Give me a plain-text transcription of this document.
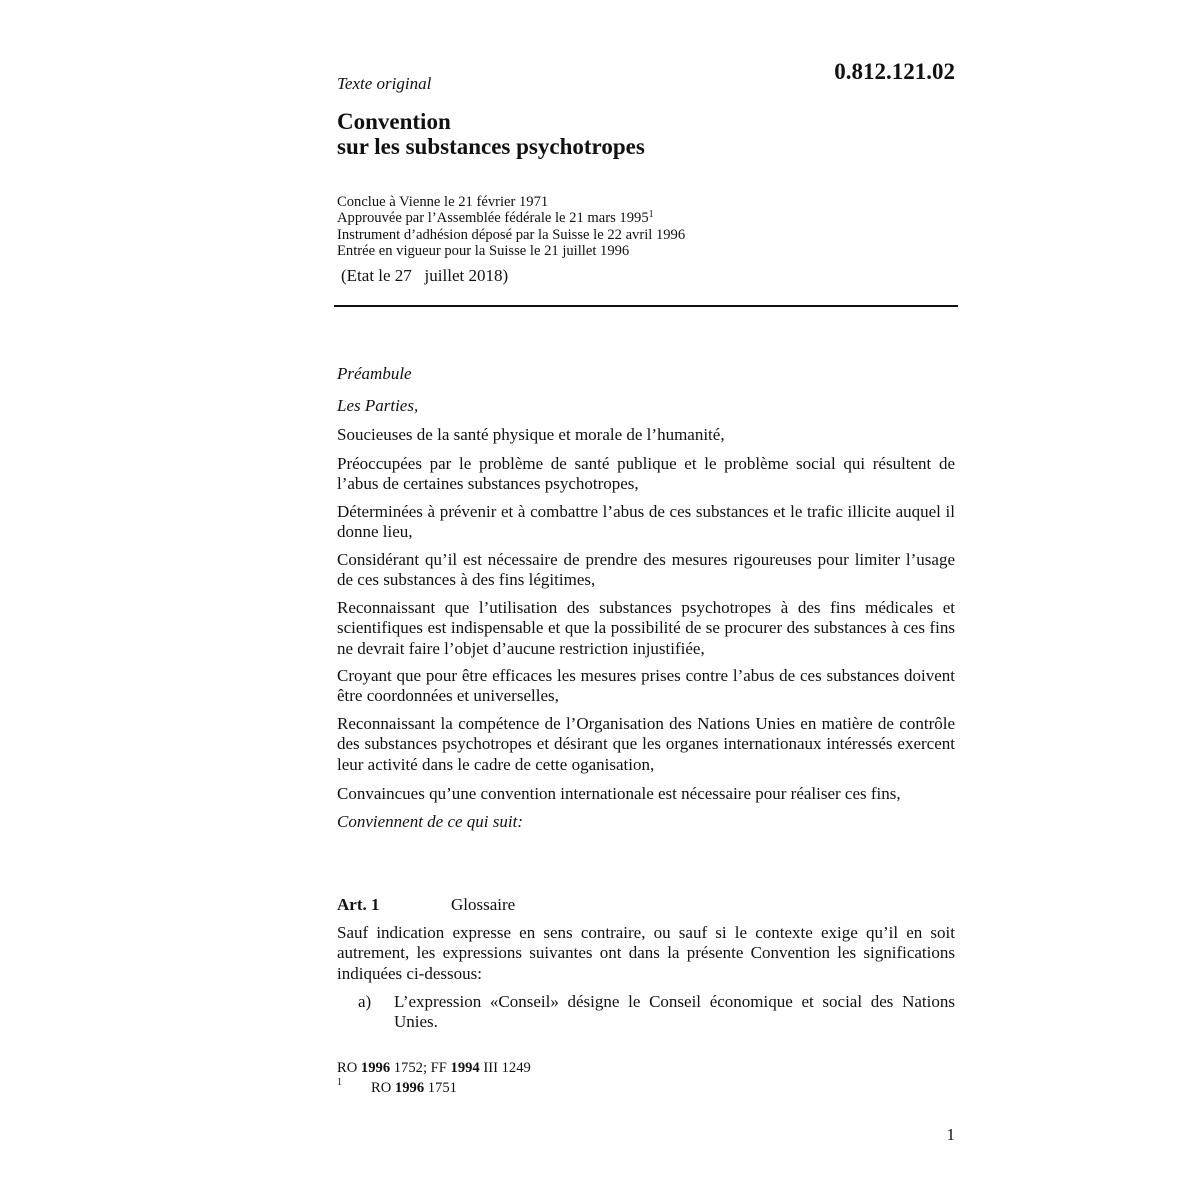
0.812.121.02
Texte original
Convention
sur les substances psychotropes
Conclue à Vienne le 21 février 1971
Approuvée par l’Assemblée fédérale le 21 mars 1995$^1$
Instrument d’adhésion déposé par la Suisse le 22 avril 1996
Entrée en vigueur pour la Suisse le 21 juillet 1996
(Etat le 27   juillet 2018)
Préambule
Les Parties,
Soucieuses de la santé physique et morale de l’humanité,
Préoccupées par le problème de santé publique et le problème social qui résultent de l’abus de certaines substances psychotropes,
Déterminées à prévenir et à combattre l’abus de ces substances et le trafic illicite auquel il donne lieu,
Considérant qu’il est nécessaire de prendre des mesures rigoureuses pour limiter l’usage de ces substances à des fins légitimes,
Reconnaissant que l’utilisation des substances psychotropes à des fins médicales et scientifiques est indispensable et que la possibilité de se procurer des substances à ces fins ne devrait faire l’objet d’aucune restriction injustifiée,
Croyant que pour être efficaces les mesures prises contre l’abus de ces substances doivent être coordonnées et universelles,
Reconnaissant la compétence de l’Organisation des Nations Unies en matière de contrôle des substances psychotropes et désirant que les organes internationaux intéressés exercent leur activité dans le cadre de cette oganisation,
Convaincues qu’une convention internationale est nécessaire pour réaliser ces fins,
Conviennent de ce qui suit:
Art. 1	Glossaire
Sauf indication expresse en sens contraire, ou sauf si le contexte exige qu’il en soit autrement, les expressions suivantes ont dans la présente Convention les significations indiquées ci-dessous:
a) L’expression «Conseil» désigne le Conseil économique et social des Nations Unies.
RO 1996 1752; FF 1994 III 1249
1 RO 1996 1751
1
